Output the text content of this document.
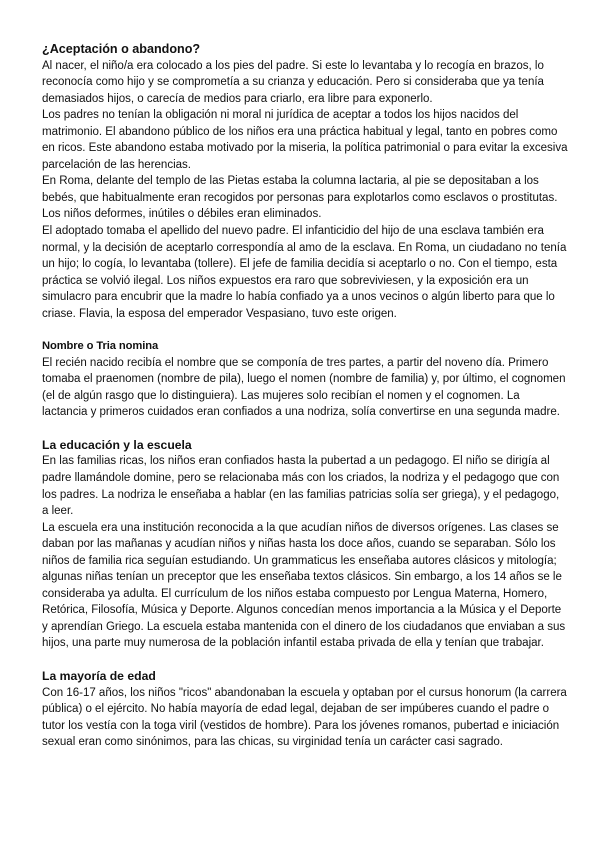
¿Aceptación o abandono?

Al nacer, el niño/a era colocado a los pies del padre. Si este lo levantaba y lo recogía en brazos, lo reconocía como hijo y se comprometía a su crianza y educación. Pero si consideraba que ya tenía demasiados hijos, o carecía de medios para criarlo, era libre para exponerlo.

Los padres no tenían la obligación ni moral ni jurídica de aceptar a todos los hijos nacidos del matrimonio. El abandono público de los niños era una práctica habitual y legal, tanto en pobres como en ricos. Este abandono estaba motivado por la miseria, la política patrimonial o para evitar la excesiva parcelación de las herencias.

En Roma, delante del templo de las Pietas estaba la columna lactaria, al pie se depositaban a los bebés, que habitualmente eran recogidos por personas para explotarlos como esclavos o prostitutas. Los niños deformes, inútiles o débiles eran eliminados.

El adoptado tomaba el apellido del nuevo padre. El infanticidio del hijo de una esclava también era normal, y la decisión de aceptarlo correspondía al amo de la esclava. En Roma, un ciudadano no tenía un hijo; lo cogía, lo levantaba (tollere). El jefe de familia decidía si aceptarlo o no. Con el tiempo, esta práctica se volvió ilegal. Los niños expuestos era raro que sobreviviesen, y la exposición era un simulacro para encubrir que la madre lo había confiado ya a unos vecinos o algún liberto para que lo criase. Flavia, la esposa del emperador Vespasiano, tuvo este origen.

Nombre o Tria nomina

El recién nacido recibía el nombre que se componía de tres partes, a partir del noveno día. Primero tomaba el praenomen (nombre de pila), luego el nomen (nombre de familia) y, por último, el cognomen (el de algún rasgo que lo distinguiera). Las mujeres solo recibían el nomen y el cognomen. La lactancia y primeros cuidados eran confiados a una nodriza, solía convertirse en una segunda madre.

La educación y la escuela

En las familias ricas, los niños eran confiados hasta la pubertad a un pedagogo. El niño se dirigía al padre llamándole domine, pero se relacionaba más con los criados, la nodriza y el pedagogo que con los padres. La nodriza le enseñaba a hablar (en las familias patricias solía ser griega), y el pedagogo, a leer.

La escuela era una institución reconocida a la que acudían niños de diversos orígenes. Las clases se daban por las mañanas y acudían niños y niñas hasta los doce años, cuando se separaban. Sólo los niños de familia rica seguían estudiando. Un grammaticus les enseñaba autores clásicos y mitología; algunas niñas tenían un preceptor que les enseñaba textos clásicos. Sin embargo, a los 14 años se le consideraba ya adulta. El currículum de los niños estaba compuesto por Lengua Materna, Homero, Retórica, Filosofía, Música y Deporte. Algunos concedían menos importancia a la Música y el Deporte y aprendían Griego. La escuela estaba mantenida con el dinero de los ciudadanos que enviaban a sus hijos, una parte muy numerosa de la población infantil estaba privada de ella y tenían que trabajar.

La mayoría de edad

Con 16-17 años, los niños "ricos" abandonaban la escuela y optaban por el cursus honorum (la carrera pública) o el ejército. No había mayoría de edad legal, dejaban de ser impúberes cuando el padre o tutor los vestía con la toga viril (vestidos de hombre). Para los jóvenes romanos, pubertad e iniciación sexual eran como sinónimos, para las chicas, su virginidad tenía un carácter casi sagrado.
